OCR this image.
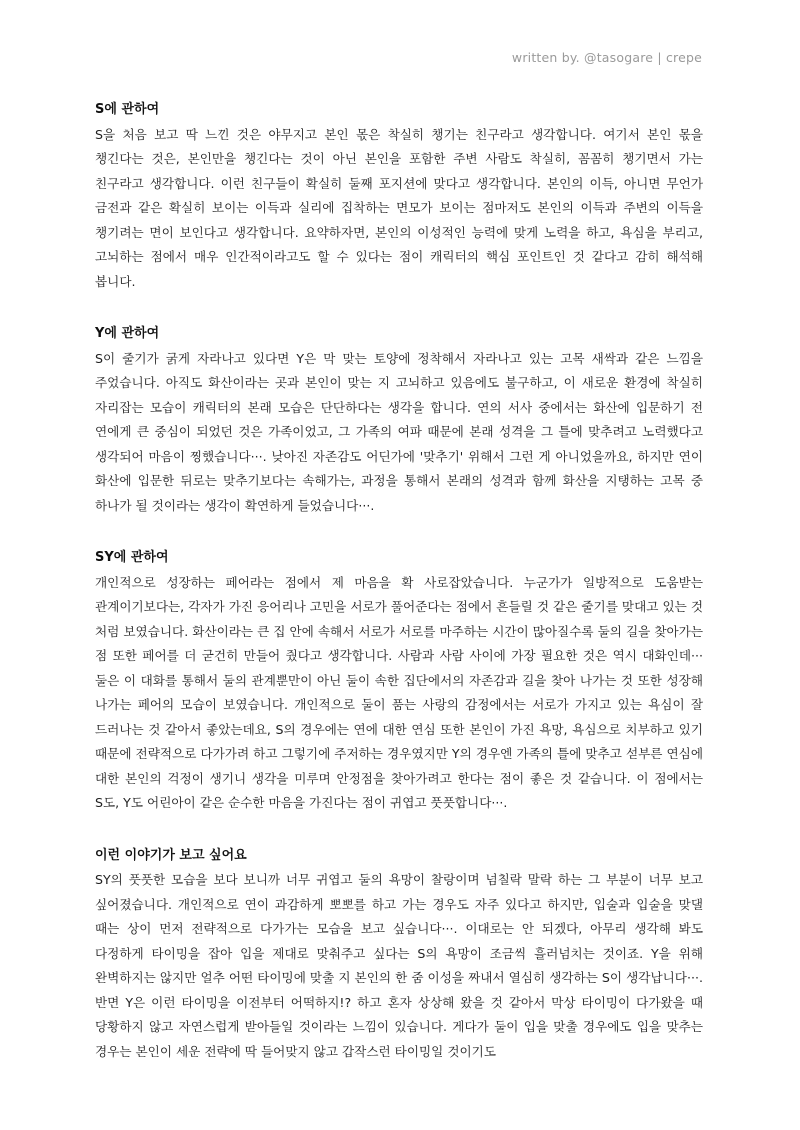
written by. @tasogare | crepe

S에 관하여

S을 처음 보고 딱 느낀 것은 야무지고 본인 몫은 착실히 챙기는 친구라고 생각합니다. 여기서 본인 몫을 챙긴다는 것은, 본인만을 챙긴다는 것이 아닌 본인을 포함한 주변 사람도 착실히, 꼼꼼히 챙기면서 가는 친구라고 생각합니다. 이런 친구들이 확실히 둘째 포지션에 맞다고 생각합니다. 본인의 이득, 아니면 무언가 금전과 같은 확실히 보이는 이득과 실리에 집착하는 면모가 보이는 점마저도 본인의 이득과 주변의 이득을 챙기려는 면이 보인다고 생각합니다. 요약하자면, 본인의 이성적인 능력에 맞게 노력을 하고, 욕심을 부리고, 고뇌하는 점에서 매우 인간적이라고도 할 수 있다는 점이 캐릭터의 핵심 포인트인 것 같다고 감히 해석해 봅니다.

Y에 관하여

S이 줄기가 굵게 자라나고 있다면 Y은 막 맞는 토양에 정착해서 자라나고 있는 고목 새싹과 같은 느낌을 주었습니다. 아직도 화산이라는 곳과 본인이 맞는 지 고뇌하고 있음에도 불구하고, 이 새로운 환경에 착실히 자리잡는 모습이 캐릭터의 본래 모습은 단단하다는 생각을 합니다. 연의 서사 중에서는 화산에 입문하기 전 연에게 큰 중심이 되었던 것은 가족이었고, 그 가족의 여파 때문에 본래 성격을 그 틀에 맞추려고 노력했다고 생각되어 마음이 찡했습니다···. 낮아진 자존감도 어딘가에 '맞추기' 위해서 그런 게 아니었을까요, 하지만 연이 화산에 입문한 뒤로는 맞추기보다는 속해가는, 과정을 통해서 본래의 성격과 함께 화산을 지탱하는 고목 중 하나가 될 것이라는 생각이 확연하게 들었습니다···.

SY에 관하여

개인적으로 성장하는 페어라는 점에서 제 마음을 확 사로잡았습니다. 누군가가 일방적으로 도움받는 관계이기보다는, 각자가 가진 응어리나 고민을 서로가 풀어준다는 점에서 흔들릴 것 같은 줄기를 맞대고 있는 것 처럼 보였습니다. 화산이라는 큰 집 안에 속해서 서로가 서로를 마주하는 시간이 많아질수록 둘의 길을 찾아가는 점 또한 페어를 더 굳건히 만들어 줬다고 생각합니다. 사람과 사람 사이에 가장 필요한 것은 역시 대화인데··· 둘은 이 대화를 통해서 둘의 관계뿐만이 아닌 둘이 속한 집단에서의 자존감과 길을 찾아 나가는 것 또한 성장해 나가는 페어의 모습이 보였습니다. 개인적으로 둘이 품는 사랑의 감정에서는 서로가 가지고 있는 욕심이 잘 드러나는 것 같아서 좋았는데요, S의 경우에는 연에 대한 연심 또한 본인이 가진 욕망, 욕심으로 치부하고 있기 때문에 전략적으로 다가가려 하고 그렇기에 주저하는 경우였지만 Y의 경우엔 가족의 틀에 맞추고 섣부른 연심에 대한 본인의 걱정이 생기니 생각을 미루며 안정점을 찾아가려고 한다는 점이 좋은 것 같습니다. 이 점에서는 S도, Y도 어린아이 같은 순수한 마음을 가진다는 점이 귀엽고 풋풋합니다···.

이런 이야기가 보고 싶어요

SY의 풋풋한 모습을 보다 보니까 너무 귀엽고 둘의 욕망이 찰랑이며 넘칠락 말락 하는 그 부분이 너무 보고 싶어졌습니다. 개인적으로 연이 과감하게 뽀뽀를 하고 가는 경우도 자주 있다고 하지만, 입술과 입술을 맞댈 때는 상이 먼저 전략적으로 다가가는 모습을 보고 싶습니다···. 이대로는 안 되겠다, 아무리 생각해 봐도 다정하게 타이밍을 잡아 입을 제대로 맞춰주고 싶다는 S의 욕망이 조금씩 흘러넘치는 것이죠. Y을 위해 완벽하지는 않지만 얼추 어떤 타이밍에 맞출 지 본인의 한 줌 이성을 짜내서 열심히 생각하는 S이 생각납니다···. 반면 Y은 이런 타이밍을 이전부터 어떡하지!? 하고 혼자 상상해 왔을 것 같아서 막상 타이밍이 다가왔을 때 당황하지 않고 자연스럽게 받아들일 것이라는 느낌이 있습니다. 게다가 둘이 입을 맞출 경우에도 입을 맞추는 경우는 본인이 세운 전략에 딱 들어맞지 않고 갑작스런 타이밍일 것이기도
